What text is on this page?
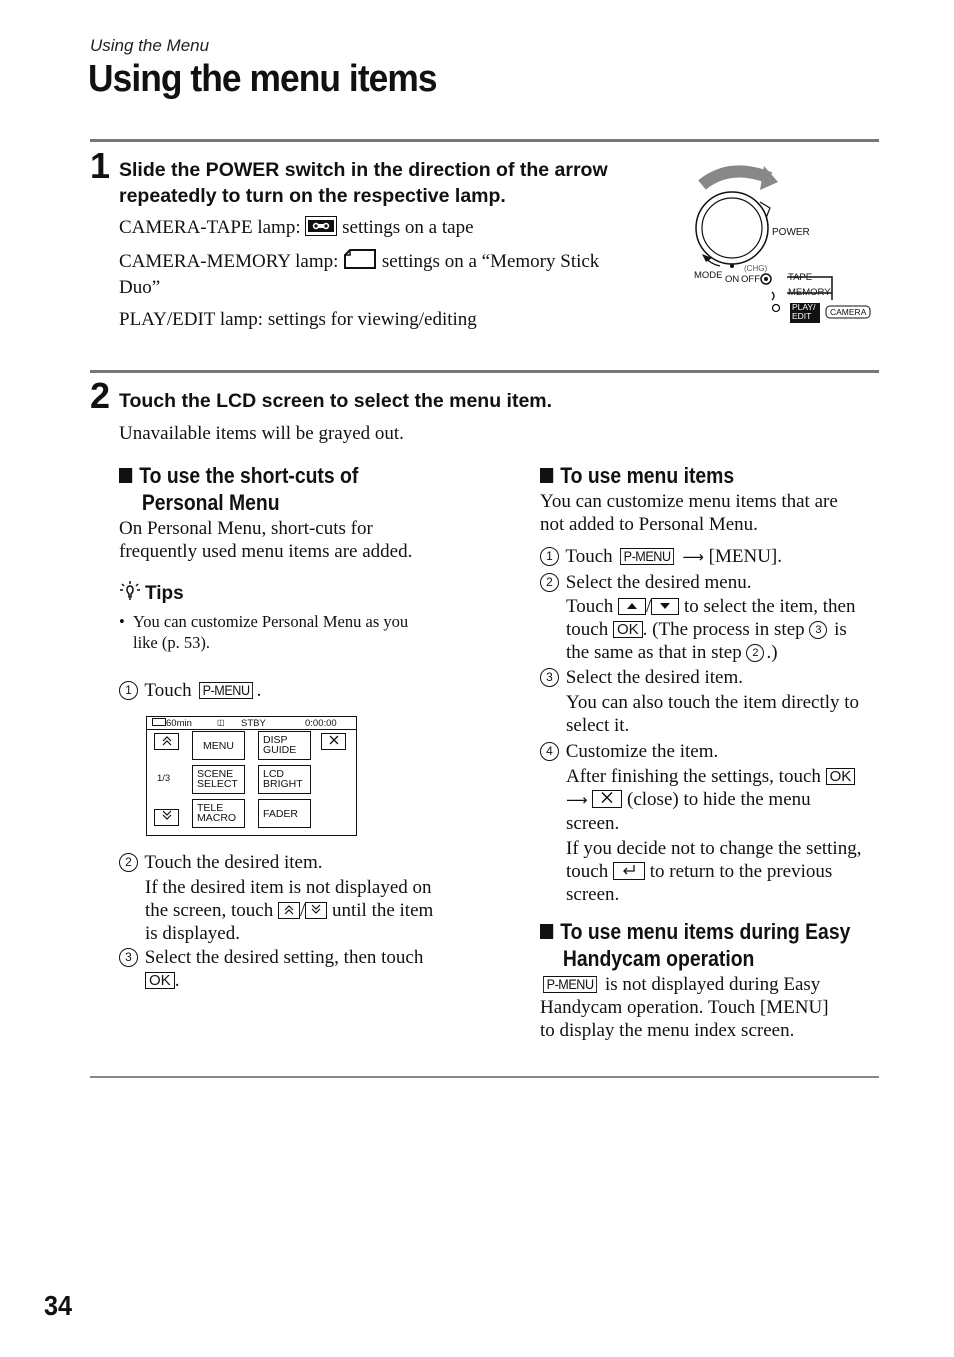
Using the Menu
Using the menu items
1 Slide the POWER switch in the direction of the arrow
repeatedly to turn on the respective lamp.
CAMERA-TAPE lamp: settings on a tape
CAMERA-MEMORY lamp: settings on a “Memory Stick
Duo”
PLAY/EDIT lamp: settings for viewing/editing
POWER
MODE ON OFF
(CHG)
TAPE
MEMORY
PLAY/
EDIT	CAMERA
2 Touch the LCD screen to select the menu item.
Unavailable items will be grayed out.
To use the short-cuts of
Personal Menu
On Personal Menu, short-cuts for
frequently used menu items are added.
Tips
• You can customize Personal Menu as you
like (p. 53).
1 Touch P-MENU .
60min	◫ STBY	0:00:00
1/3
MENU	DISP
GUIDE
SCENE
SELECT
LCD
BRIGHT
TELE
MACRO	FADER
2 Touch the desired item.
If the desired item is not displayed on
the screen, touch / until the item
is displayed.
3 Select the desired setting, then touch
OK .
To use menu items
You can customize menu items that are
not added to Personal Menu.
1 Touch P-MENU ⟶ [MENU].
2 Select the desired menu.
Touch / to select the item, then
touch OK . (The process in step 3 is
the same as that in step 2 .)
3 Select the desired item.
You can also touch the item directly to
select it.
4 Customize the item.
After finishing the settings, touch OK
⟶ (close) to hide the menu
screen.
If you decide not to change the setting,
touch to return to the previous
screen.
To use menu items during Easy
Handycam operation
P-MENU is not displayed during Easy
Handycam operation. Touch [MENU]
to display the menu index screen.
34
